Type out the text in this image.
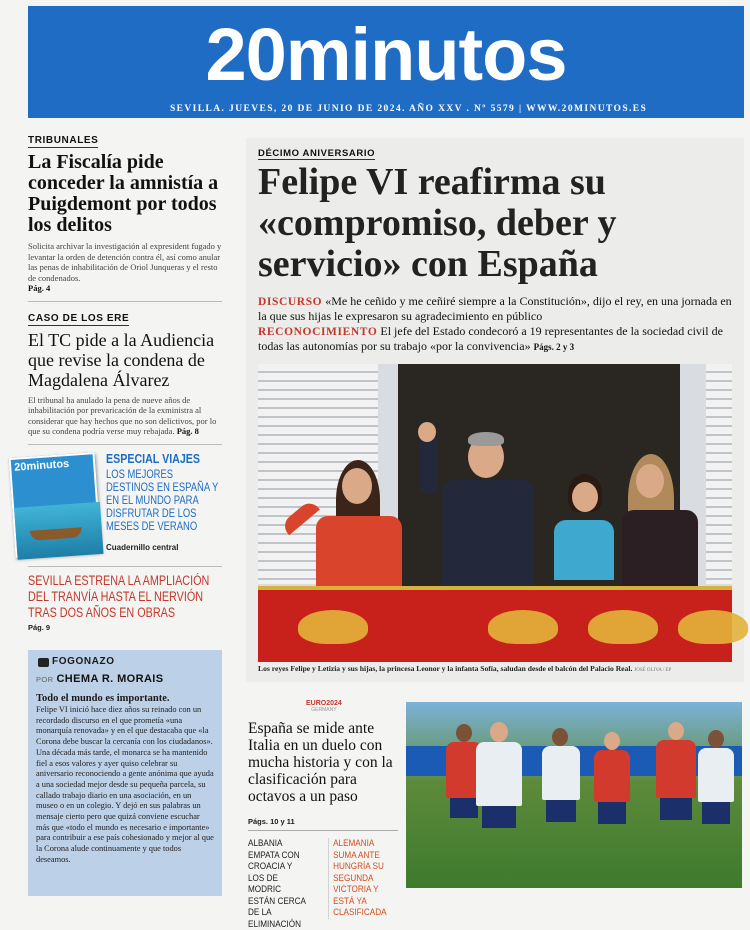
20minutos
SEVILLA. JUEVES, 20 DE JUNIO DE 2024. AÑO XXV . Nº 5579 | WWW.20MINUTOS.ES
TRIBUNALES
La Fiscalía pide conceder la amnistía a Puigdemont por todos los delitos
Solicita archivar la investigación al expresident fugado y levantar la orden de detención contra él, así como anular las penas de inhabilitación de Oriol Junqueras y el resto de condenados.
Pág. 4
CASO DE LOS ERE
El TC pide a la Audiencia que revise la condena de Magdalena Álvarez
El tribunal ha anulado la pena de nueve años de inhabilitación por prevaricación de la exministra al considerar que hay hechos que no son delictivos, por lo que su condena podría verse muy rebajada. Pág. 8
20minutos	ESPECIAL VIAJES
LOS MEJORES DESTINOS EN ESPAÑA Y EN EL MUNDO PARA DISFRUTAR DE LOS MESES DE VERANO
Cuadernillo central
SEVILLA ESTRENA LA AMPLIACIÓN DEL TRANVÍA HASTA EL NERVIÓN TRAS DOS AÑOS EN OBRAS
Pág. 9
FOGONAZO
POR CHEMA R. MORAIS
Todo el mundo es importante.
Felipe VI inició hace diez años su reinado con un recordado discurso en el que prometía «una monarquía renovada» y en el que destacaba que «la Corona debe buscar la cercanía con los ciudadanos». Una década más tarde, el monarca se ha mantenido fiel a esos valores y ayer quiso celebrar su aniversario reconociendo a gente anónima que ayuda a una sociedad mejor desde su pequeña parcela, su callado trabajo diario en una asociación, en un museo o en un colegio. Y dejó en sus palabras un mensaje cierto pero que quizá conviene escuchar más que «todo el mundo es necesario e importante» para contribuir a ese país cohesionado y mejor al que la Corona alude continuamente y que todos deseamos.
DÉCIMO ANIVERSARIO
Felipe VI reafirma su «compromiso, deber y servicio» con España
DISCURSO «Me he ceñido y me ceñiré siempre a la Constitución», dijo el rey, en una jornada en la que sus hijas le expresaron su agradecimiento en público
RECONOCIMIENTO El jefe del Estado condecoró a 19 representantes de la sociedad civil de todas las autonomías por su trabajo «por la convivencia» Págs. 2 y 3
Los reyes Felipe y Letizia y sus hijas, la princesa Leonor y la infanta Sofía, saludan desde el balcón del Palacio Real. JOSÉ OLIVA / EP
EURO2024
GERMANY
España se mide ante Italia en un duelo con mucha historia y con la clasificación para octavos a un paso
Págs. 10 y 11
ALBANIA EMPATA CON CROACIA Y LOS DE MODRIC ESTÁN CERCA DE LA ELIMINACIÓN
ALEMANIA SUMA ANTE HUNGRÍA SU SEGUNDA VICTORIA Y ESTÁ YA CLASIFICADA
